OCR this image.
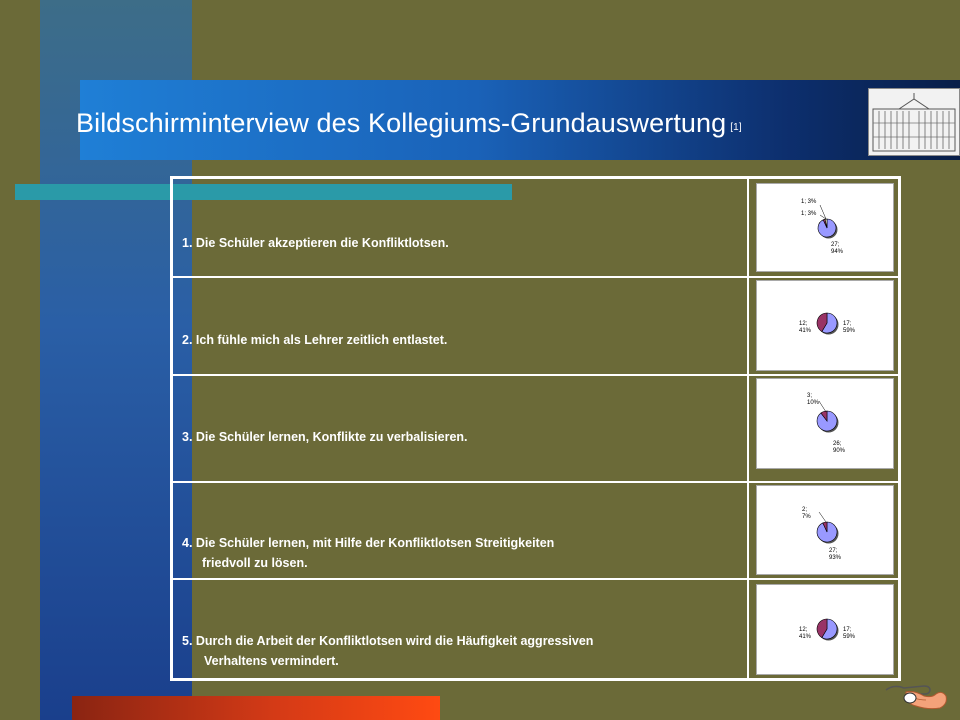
Bildschirminterview des Kollegiums-Grundauswertung [1]
1. Die Schüler akzeptieren die Konfliktlotsen.
1; 3%
1; 3%
27; 94%
2. Ich fühle mich als Lehrer zeitlich entlastet.
12; 41%
17; 59%
3. Die Schüler lernen, Konflikte zu verbalisieren.
3; 10%
26; 90%
4. Die Schüler lernen, mit Hilfe der Konfliktlotsen Streitigkeiten
friedvoll zu lösen.
2; 7%
27; 93%
5. Durch die Arbeit der Konfliktlotsen wird die Häufigkeit aggressiven
Verhaltens vermindert.
12; 41%
17; 59%
